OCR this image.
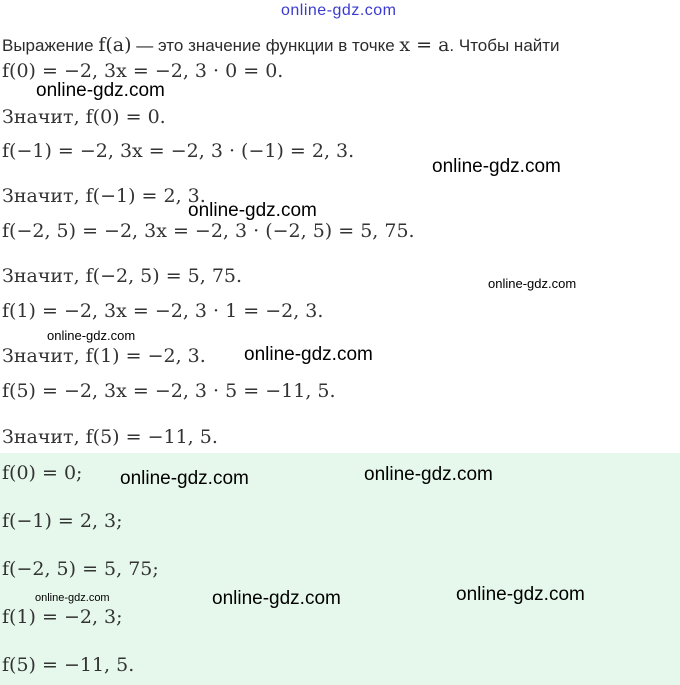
online-gdz.com
Выражение f(a) — это значение функции в точке x = a. Чтобы найти
f(0) = −2, 3x = −2, 3 · 0 = 0.
Значит, f(0) = 0.
f(−1) = −2, 3x = −2, 3 · (−1) = 2, 3.
Значит, f(−1) = 2, 3.
f(−2, 5) = −2, 3x = −2, 3 · (−2, 5) = 5, 75.
Значит, f(−2, 5) = 5, 75.
f(1) = −2, 3x = −2, 3 · 1 = −2, 3.
Значит, f(1) = −2, 3.
f(5) = −2, 3x = −2, 3 · 5 = −11, 5.
Значит, f(5) = −11, 5.
f(0) = 0;
f(−1) = 2, 3;
f(−2, 5) = 5, 75;
f(1) = −2, 3;
f(5) = −11, 5.
online-gdz.com
online-gdz.com
online-gdz.com
online-gdz.com
online-gdz.com
online-gdz.com
online-gdz.com	online-gdz.com
online-gdz.com	online-gdz.com	online-gdz.com
